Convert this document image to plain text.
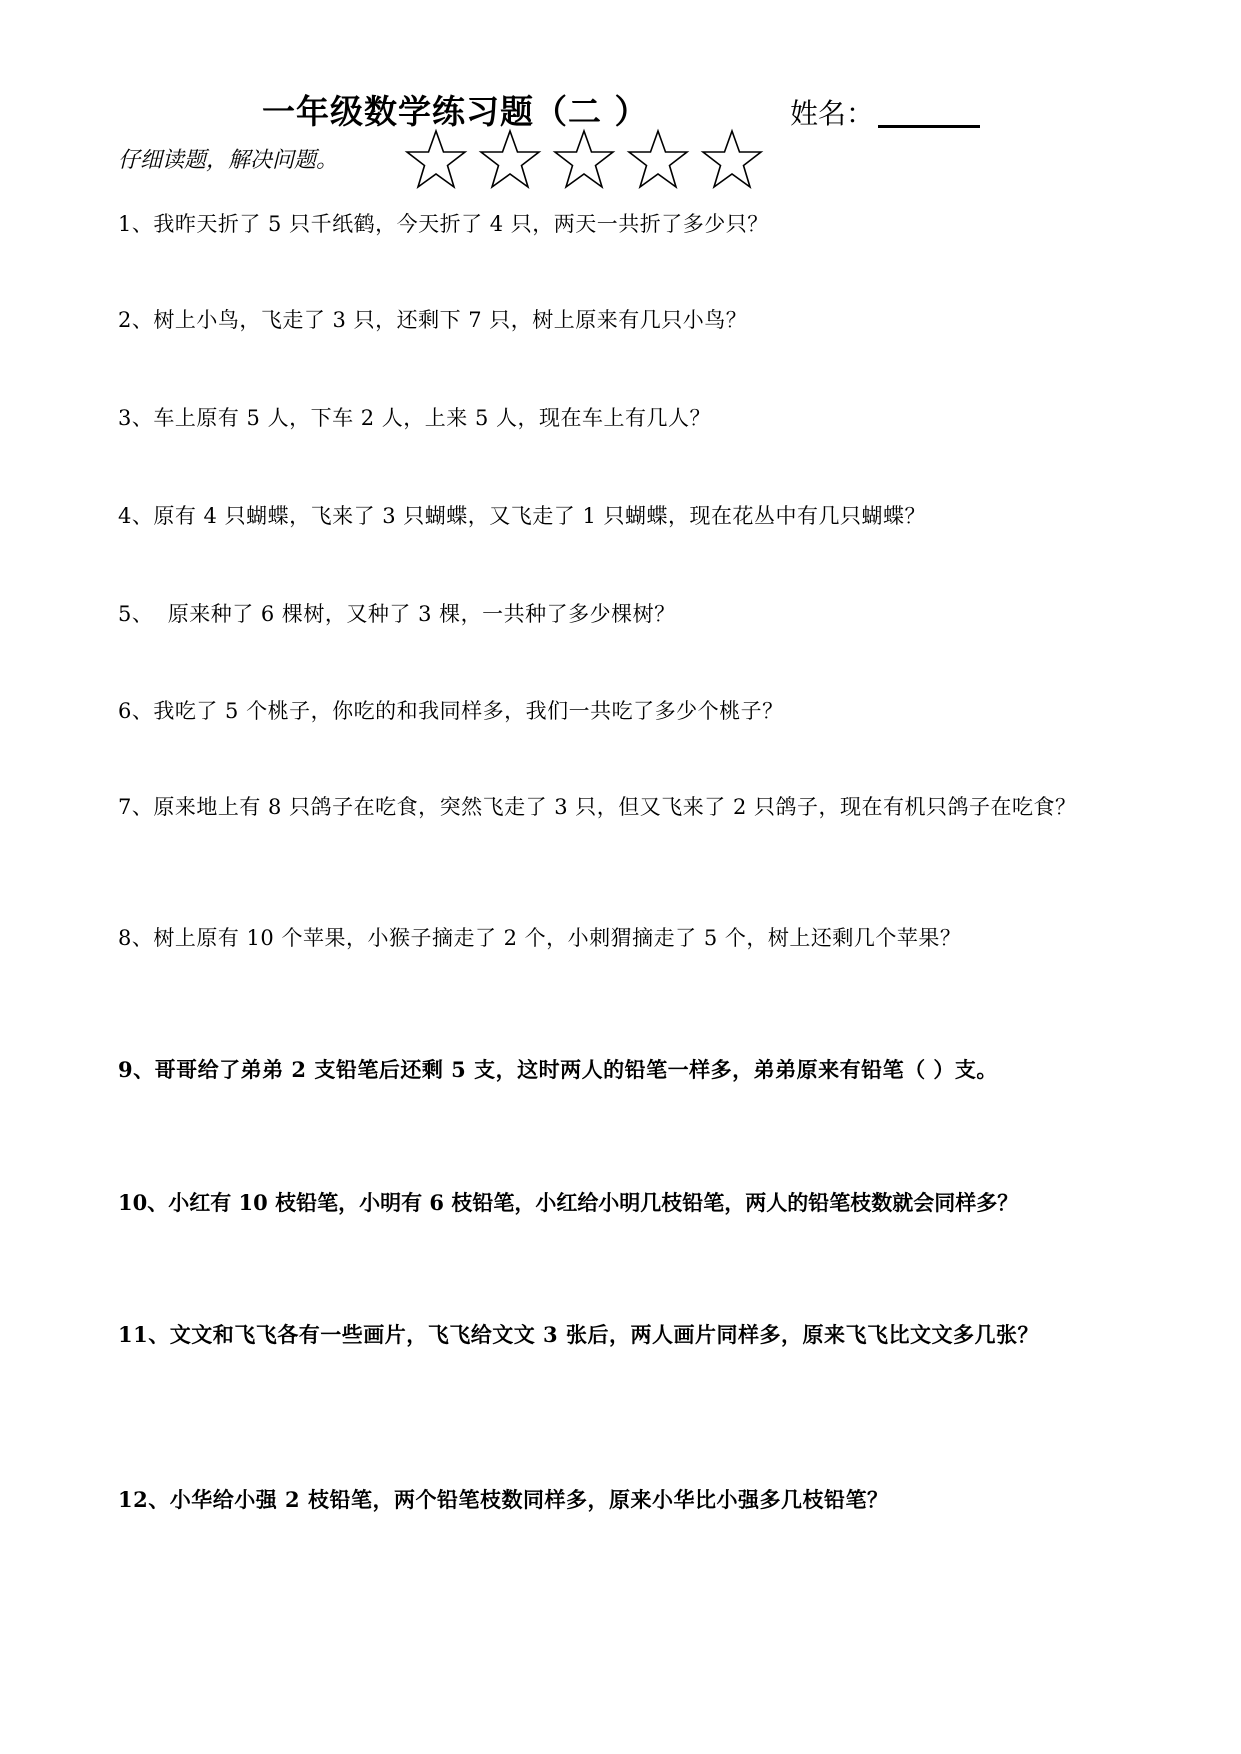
一年级数学练习题（二 ）	姓名：
仔细读题，解决问题。
1、我昨天折了 5 只千纸鹤，今天折了 4 只，两天一共折了多少只？
2、树上小鸟，飞走了 3 只，还剩下 7 只，树上原来有几只小鸟？
3、车上原有 5 人，下车 2 人，上来 5 人，现在车上有几人？
4、原有 4 只蝴蝶，飞来了 3 只蝴蝶，又飞走了 1 只蝴蝶，现在花丛中有几只蝴蝶？
5、  原来种了 6 棵树，又种了 3 棵，一共种了多少棵树？
6、我吃了 5 个桃子，你吃的和我同样多，我们一共吃了多少个桃子？
7、原来地上有 8 只鸽子在吃食，突然飞走了 3 只，但又飞来了 2 只鸽子，现在有机只鸽子在吃食？
8、树上原有 10 个苹果，小猴子摘走了 2 个，小刺猬摘走了 5 个，树上还剩几个苹果？
9、哥哥给了弟弟 2 支铅笔后还剩 5 支，这时两人的铅笔一样多，弟弟原来有铅笔（ ）支。
10、小红有 10 枝铅笔，小明有 6 枝铅笔，小红给小明几枝铅笔，两人的铅笔枝数就会同样多？
11、文文和飞飞各有一些画片，飞飞给文文 3 张后，两人画片同样多，原来飞飞比文文多几张？
12、小华给小强 2 枝铅笔，两个铅笔枝数同样多，原来小华比小强多几枝铅笔？
